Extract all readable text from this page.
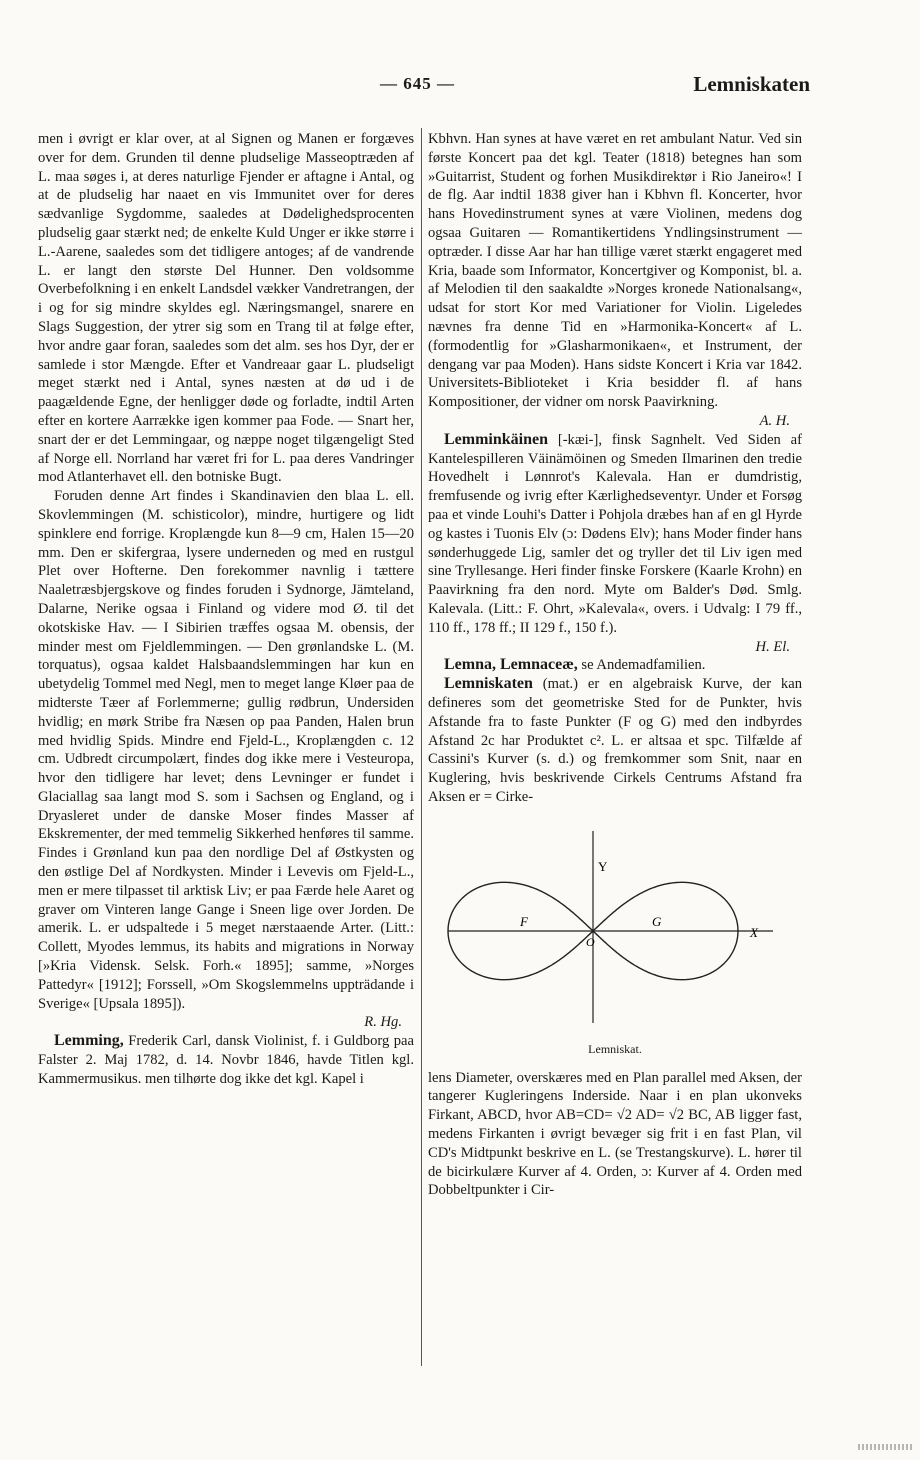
— 645 —	Lemniskaten

men i øvrigt er klar over, at al Signen og Manen er forgæves over for dem. Grunden til denne pludselige Masseoptræden af L. maa søges i, at deres naturlige Fjender er aftagne i Antal, og at de pludselig har naaet en vis Immunitet over for deres sædvanlige Sygdomme, saaledes at Dødelighedsprocenten pludselig gaar stærkt ned; de enkelte Kuld Unger er ikke større i L.-Aarene, saaledes som det tidligere antoges; af de vandrende L. er langt den største Del Hunner. Den voldsomme Overbefolkning i en enkelt Landsdel vækker Vandretrangen, der i og for sig mindre skyldes egl. Næringsmangel, snarere en Slags Suggestion, der ytrer sig som en Trang til at følge efter, hvor andre gaar foran, saaledes som det alm. ses hos Dyr, der er samlede i stor Mængde. Efter et Vandreaar gaar L. pludseligt meget stærkt ned i Antal, synes næsten at dø ud i de paagældende Egne, der henligger døde og forladte, indtil Arten efter en kortere Aarrække igen kommer paa Fode. — Snart her, snart der er det Lemmingaar, og næppe noget tilgængeligt Sted af Norge ell. Norrland har været fri for L. paa deres Vandringer mod Atlanterhavet ell. den botniske Bugt.

Foruden denne Art findes i Skandinavien den blaa L. ell. Skovlemmingen (M. schisticolor), mindre, hurtigere og lidt spinklere end forrige. Kroplængde kun 8—9 cm, Halen 15—20 mm. Den er skifergraa, lysere underneden og med en rustgul Plet over Hofterne. Den forekommer navnlig i tættere Naaletræsbjergskove og findes foruden i Sydnorge, Jämteland, Dalarne, Nerike ogsaa i Finland og videre mod Ø. til det okotskiske Hav. — I Sibirien træffes ogsaa M. obensis, der minder mest om Fjeldlemmingen. — Den grønlandske L. (M. torquatus), ogsaa kaldet Halsbaandslemmingen har kun en ubetydelig Tommel med Negl, men to meget lange Kløer paa de midterste Tæer af Forlemmerne; gullig rødbrun, Undersiden hvidlig; en mørk Stribe fra Næsen op paa Panden, Halen brun med hvidlig Spids. Mindre end Fjeld-L., Kroplængden c. 12 cm. Udbredt circumpolært, findes dog ikke mere i Vesteuropa, hvor den tidligere har levet; dens Levninger er fundet i Glaciallag saa langt mod S. som i Sachsen og England, og i Dryasleret under de danske Moser findes Masser af Ekskrementer, der med temmelig Sikkerhed henføres til samme. Findes i Grønland kun paa den nordlige Del af Østkysten og den østlige Del af Nordkysten. Minder i Levevis om Fjeld-L., men er mere tilpasset til arktisk Liv; er paa Færde hele Aaret og graver om Vinteren lange Gange i Sneen lige over Jorden. De amerik. L. er udspaltede i 5 meget nærstaaende Arter. (Litt.: Collett, Myodes lemmus, its habits and migrations in Norway [»Kria Vidensk. Selsk. Forh.« 1895]; samme, »Norges Pattedyr« [1912]; Forssell, »Om Skogslemmelns uppträdande i Sverige« [Upsala 1895]).

R. Hg.

Lemming, Frederik Carl, dansk Violinist, f. i Guldborg paa Falster 2. Maj 1782, d. 14. Novbr 1846, havde Titlen kgl. Kammermusikus. men tilhørte dog ikke det kgl. Kapel i

Kbhvn. Han synes at have været en ret ambulant Natur. Ved sin første Koncert paa det kgl. Teater (1818) betegnes han som »Guitarrist, Student og forhen Musikdirektør i Rio Janeiro«! I de flg. Aar indtil 1838 giver han i Kbhvn fl. Koncerter, hvor hans Hovedinstrument synes at være Violinen, medens dog ogsaa Guitaren — Romantikertidens Yndlingsinstrument — optræder. I disse Aar har han tillige været stærkt engageret med Kria, baade som Informator, Koncertgiver og Komponist, bl. a. af Melodien til den saakaldte »Norges kronede Nationalsang«, udsat for stort Kor med Variationer for Violin. Ligeledes nævnes fra denne Tid en »Harmonika-Koncert« af L. (formodentlig for »Glasharmonikaen«, et Instrument, der dengang var paa Moden). Hans sidste Koncert i Kria var 1842. Universitets-Biblioteket i Kria besidder fl. af hans Kompositioner, der vidner om norsk Paavirkning.

A. H.

Lemminkäinen [-kæi-], finsk Sagnhelt. Ved Siden af Kantelespilleren Väinämöinen og Smeden Ilmarinen den tredie Hovedhelt i Lønnrot's Kalevala. Han er dumdristig, fremfusende og ivrig efter Kærlighedseventyr. Under et Forsøg paa et vinde Louhi's Datter i Pohjola dræbes han af en gl Hyrde og kastes i Tuonis Elv (ɔ: Dødens Elv); hans Moder finder hans sønderhuggede Lig, samler det og tryller det til Liv igen med sine Tryllesange. Heri finder finske Forskere (Kaarle Krohn) en Paavirkning fra den nord. Myte om Balder's Død. Smlg. Kalevala. (Litt.: F. Ohrt, »Kalevala«, overs. i Udvalg: I 79 ff., 110 ff., 178 ff.; II 129 f., 150 f.).

H. El.

Lemna, Lemnaceæ, se Andemadfamilien.

Lemniskaten (mat.) er en algebraisk Kurve, der kan defineres som det geometriske Sted for de Punkter, hvis Afstande fra to faste Punkter (F og G) med den indbyrdes Afstand 2c har Produktet c². L. er altsaa et spc. Tilfælde af Cassini's Kurver (s. d.) og fremkommer som Snit, naar en Kuglering, hvis beskrivende Cirkels Centrums Afstand fra Aksen er = Cirke-

Y
X
F	G
O
Lemniskat.

lens Diameter, overskæres med en Plan parallel med Aksen, der tangerer Kugleringens Inderside. Naar i en plan ukonveks Firkant, ABCD, hvor AB=CD= √2 AD= √2 BC, AB ligger fast, medens Firkanten i øvrigt bevæger sig frit i en fast Plan, vil CD's Midtpunkt beskrive en L. (se Trestangskurve). L. hører til de bicirkulære Kurver af 4. Orden, ɔ: Kurver af 4. Orden med Dobbeltpunkter i Cir-
